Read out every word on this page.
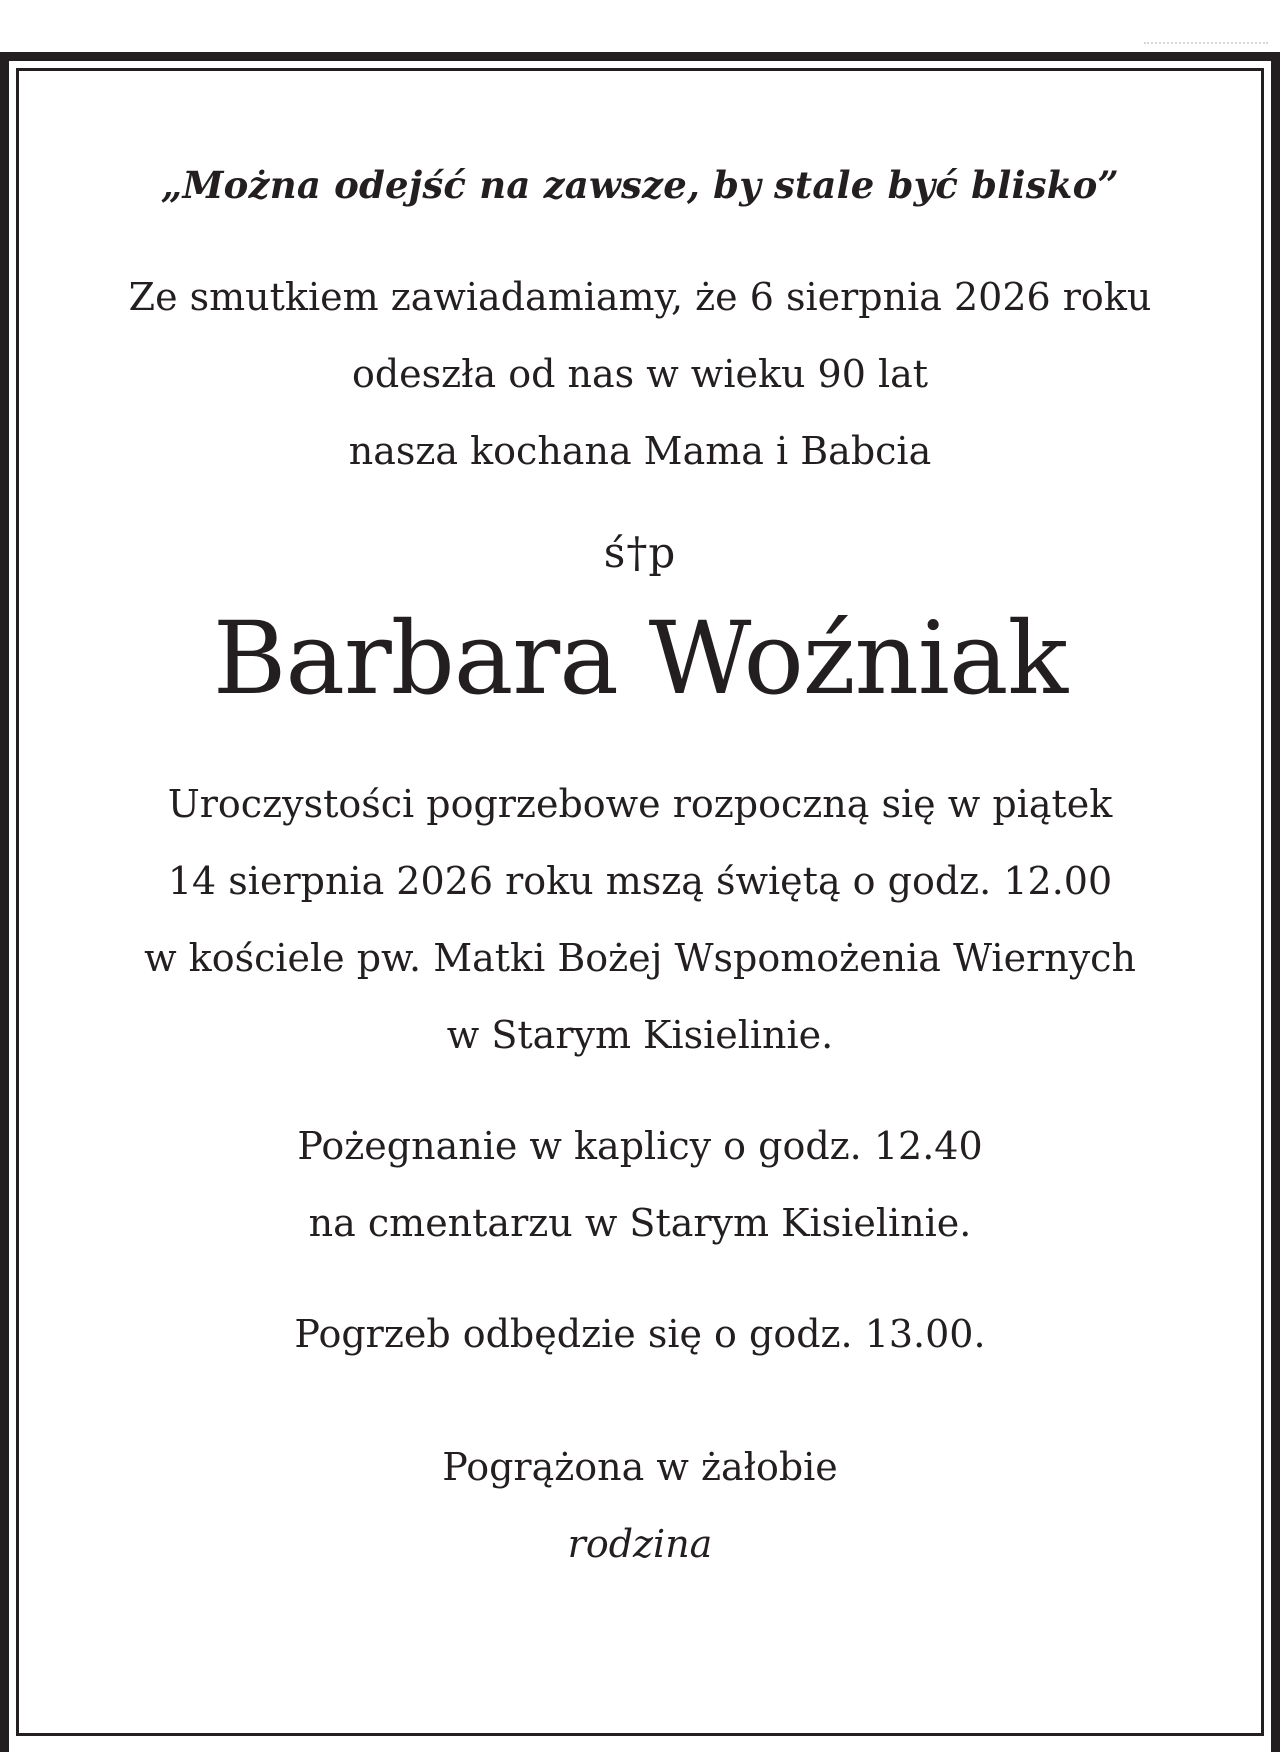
„Można odejść na zawsze, by stale być blisko”

Ze smutkiem zawiadamiamy, że 6 sierpnia 2026 roku
odeszła od nas w wieku 90 lat
nasza kochana Mama i Babcia

ś†p

Barbara Woźniak

Uroczystości pogrzebowe rozpoczną się w piątek
14 sierpnia 2026 roku mszą świętą o godz. 12.00
w kościele pw. Matki Bożej Wspomożenia Wiernych
w Starym Kisielinie.

Pożegnanie w kaplicy o godz. 12.40
na cmentarzu w Starym Kisielinie.

Pogrzeb odbędzie się o godz. 13.00.

Pogrążona w żałobie

rodzina
